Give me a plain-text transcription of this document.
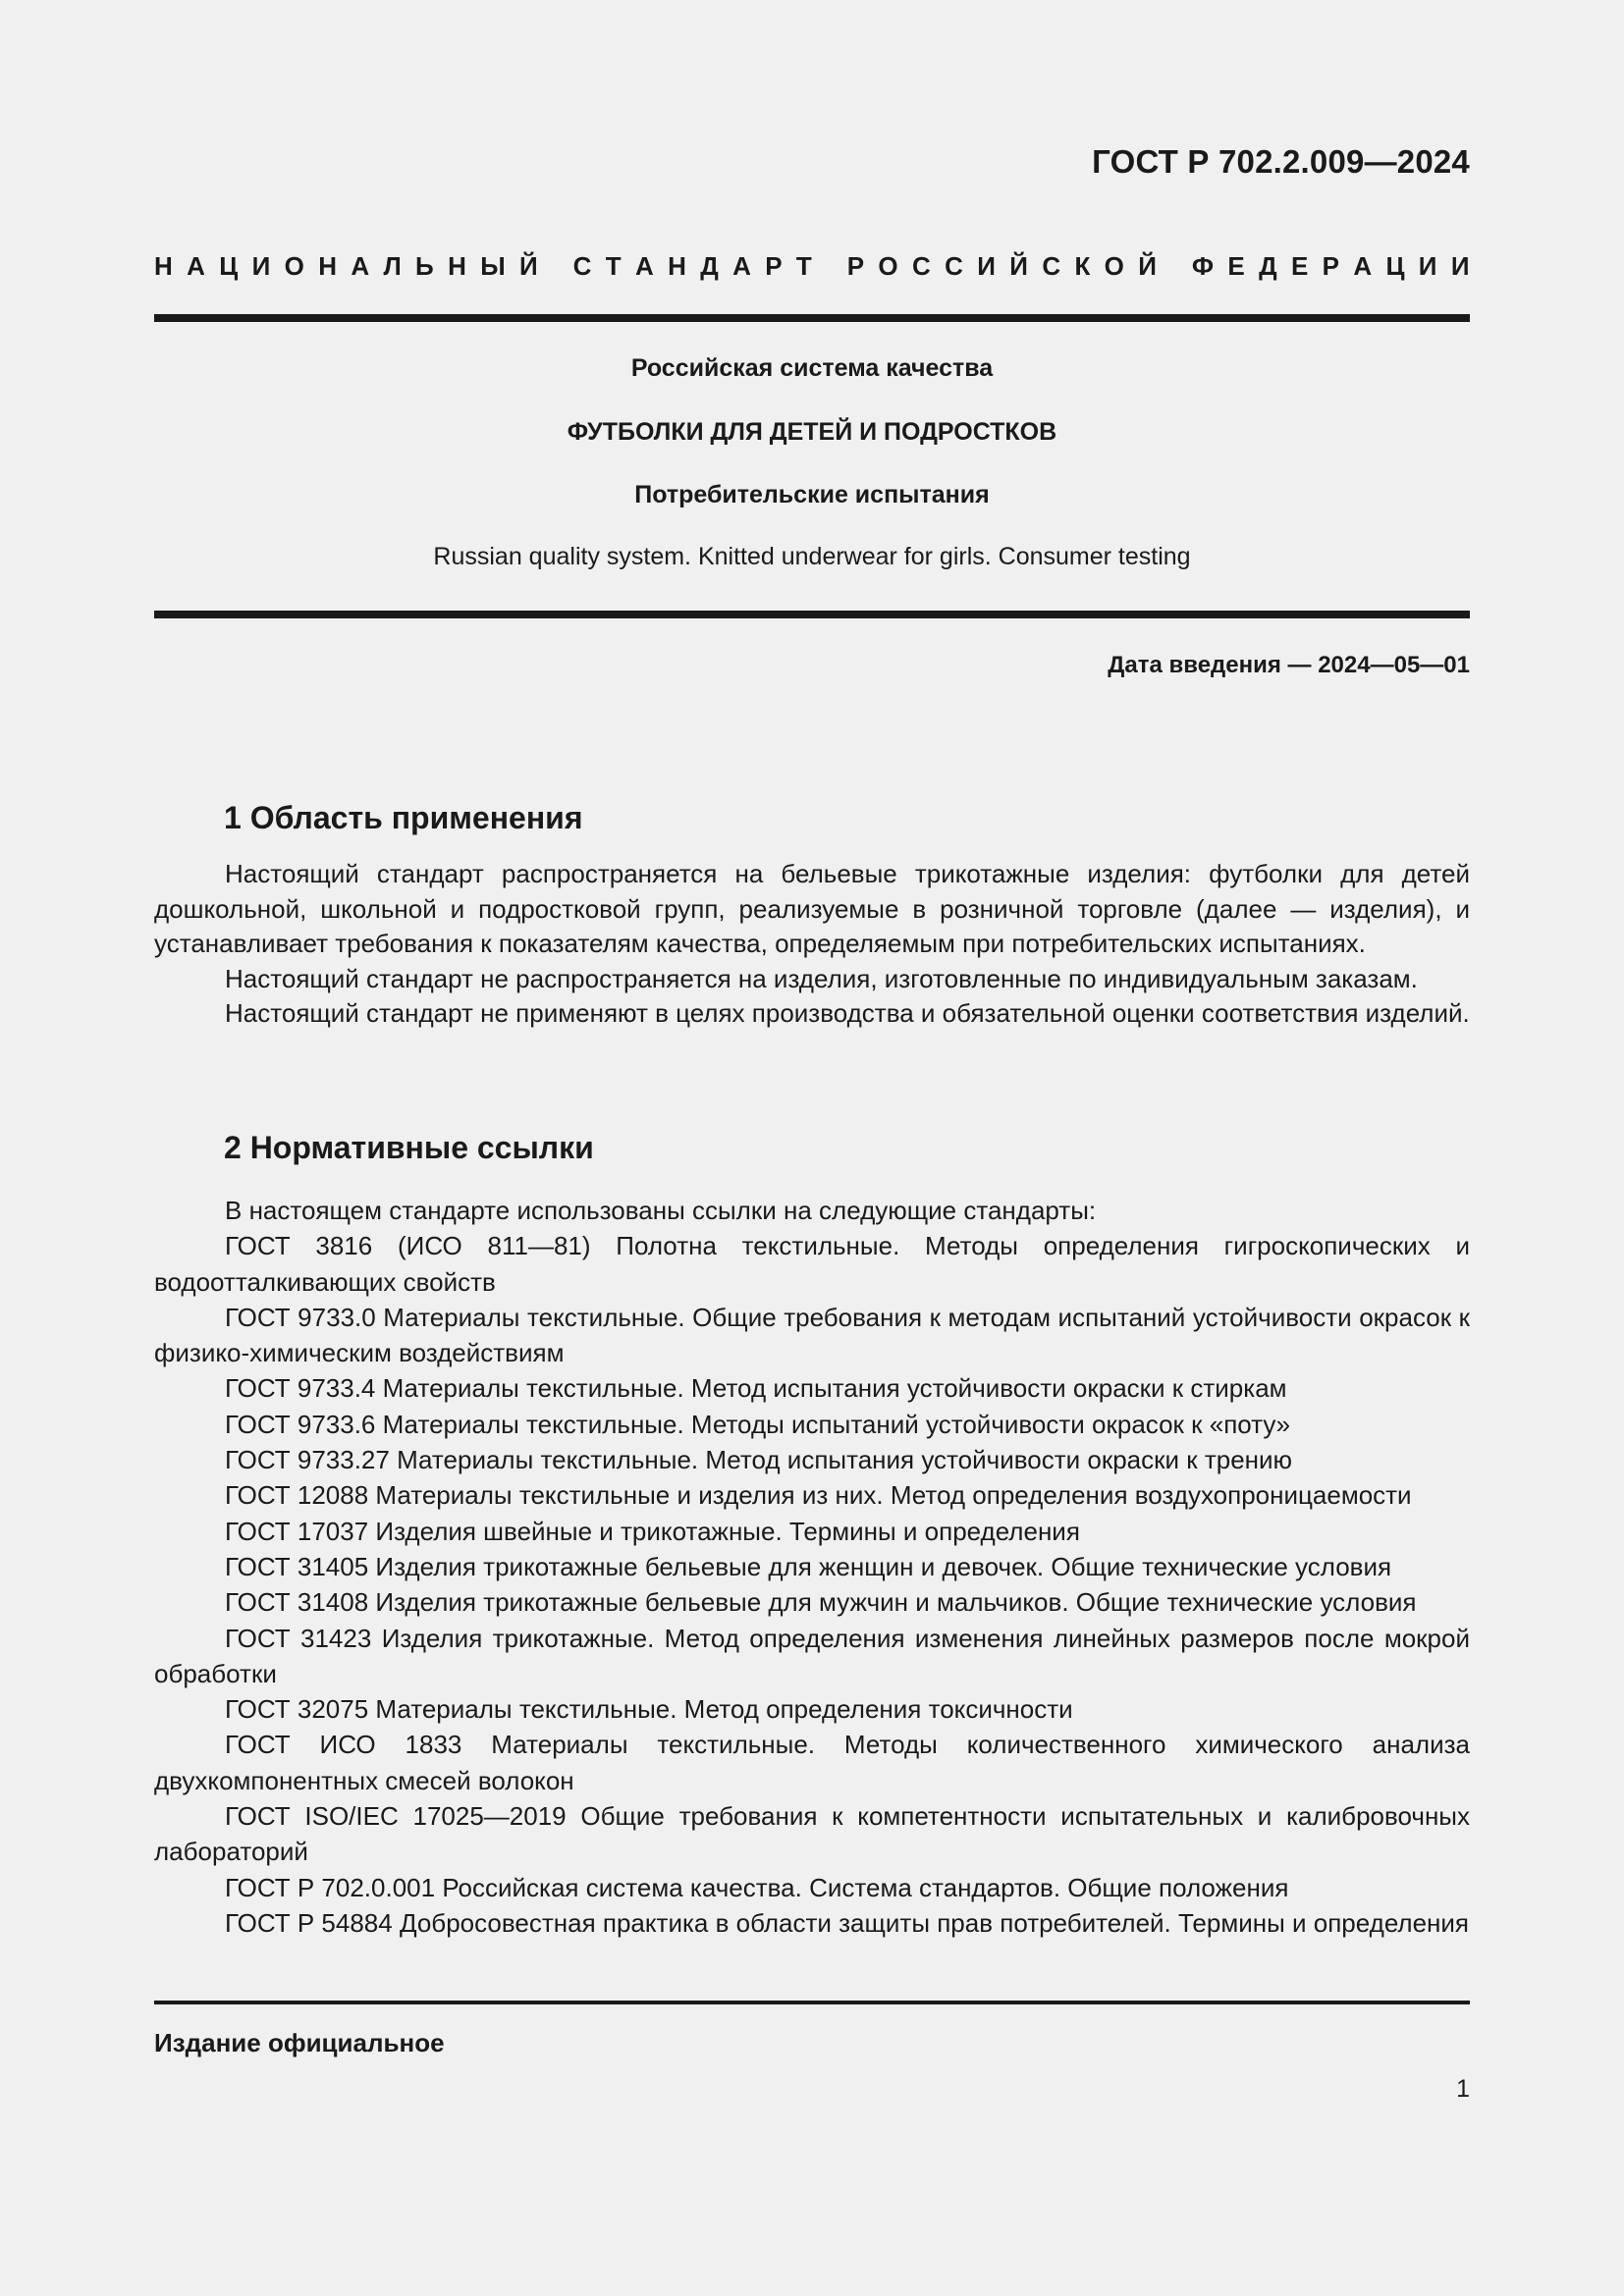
ГОСТ Р 702.2.009—2024
Н А Ц И О Н А Л Ь Н Ы Й
С Т А Н Д А Р Т
Р О С С И Й С К О Й
Ф Е Д Е Р А Ц И И
Российская система качества
ФУТБОЛКИ ДЛЯ ДЕТЕЙ И ПОДРОСТКОВ
Потребительские испытания
Russian quality system. Knitted underwear for girls. Consumer testing
Дата введения — 2024—05—01
1 Область применения

Настоящий стандарт распространяется на бельевые трикотажные изделия: футболки для детей дошкольной, школьной и подростковой групп, реализуемые в розничной торговле (далее — изделия), и устанавливает требования к показателям качества, определяемым при потребительских испытаниях.

Настоящий стандарт не распространяется на изделия, изготовленные по индивидуальным заказам.

Настоящий стандарт не применяют в целях производства и обязательной оценки соответствия изделий.

2 Нормативные ссылки

В настоящем стандарте использованы ссылки на следующие стандарты:

ГОСТ 3816 (ИСО 811—81) Полотна текстильные. Методы определения гигроскопических и водоотталкивающих свойств

ГОСТ 9733.0 Материалы текстильные. Общие требования к методам испытаний устойчивости окрасок к физико-химическим воздействиям

ГОСТ 9733.4 Материалы текстильные. Метод испытания устойчивости окраски к стиркам

ГОСТ 9733.6 Материалы текстильные. Методы испытаний устойчивости окрасок к «поту»

ГОСТ 9733.27 Материалы текстильные. Метод испытания устойчивости окраски к трению

ГОСТ 12088 Материалы текстильные и изделия из них. Метод определения воздухопроницаемости

ГОСТ 17037 Изделия швейные и трикотажные. Термины и определения

ГОСТ 31405 Изделия трикотажные бельевые для женщин и девочек. Общие технические условия

ГОСТ 31408 Изделия трикотажные бельевые для мужчин и мальчиков. Общие технические условия

ГОСТ 31423 Изделия трикотажные. Метод определения изменения линейных размеров после мокрой обработки

ГОСТ 32075 Материалы текстильные. Метод определения токсичности

ГОСТ ИСО 1833 Материалы текстильные. Методы количественного химического анализа двухкомпонентных смесей волокон

ГОСТ ISO/IEC 17025—2019 Общие требования к компетентности испытательных и калибровочных лабораторий

ГОСТ Р 702.0.001 Российская система качества. Система стандартов. Общие положения

ГОСТ Р 54884 Добросовестная практика в области защиты прав потребителей. Термины и определения

Издание официальное
1
